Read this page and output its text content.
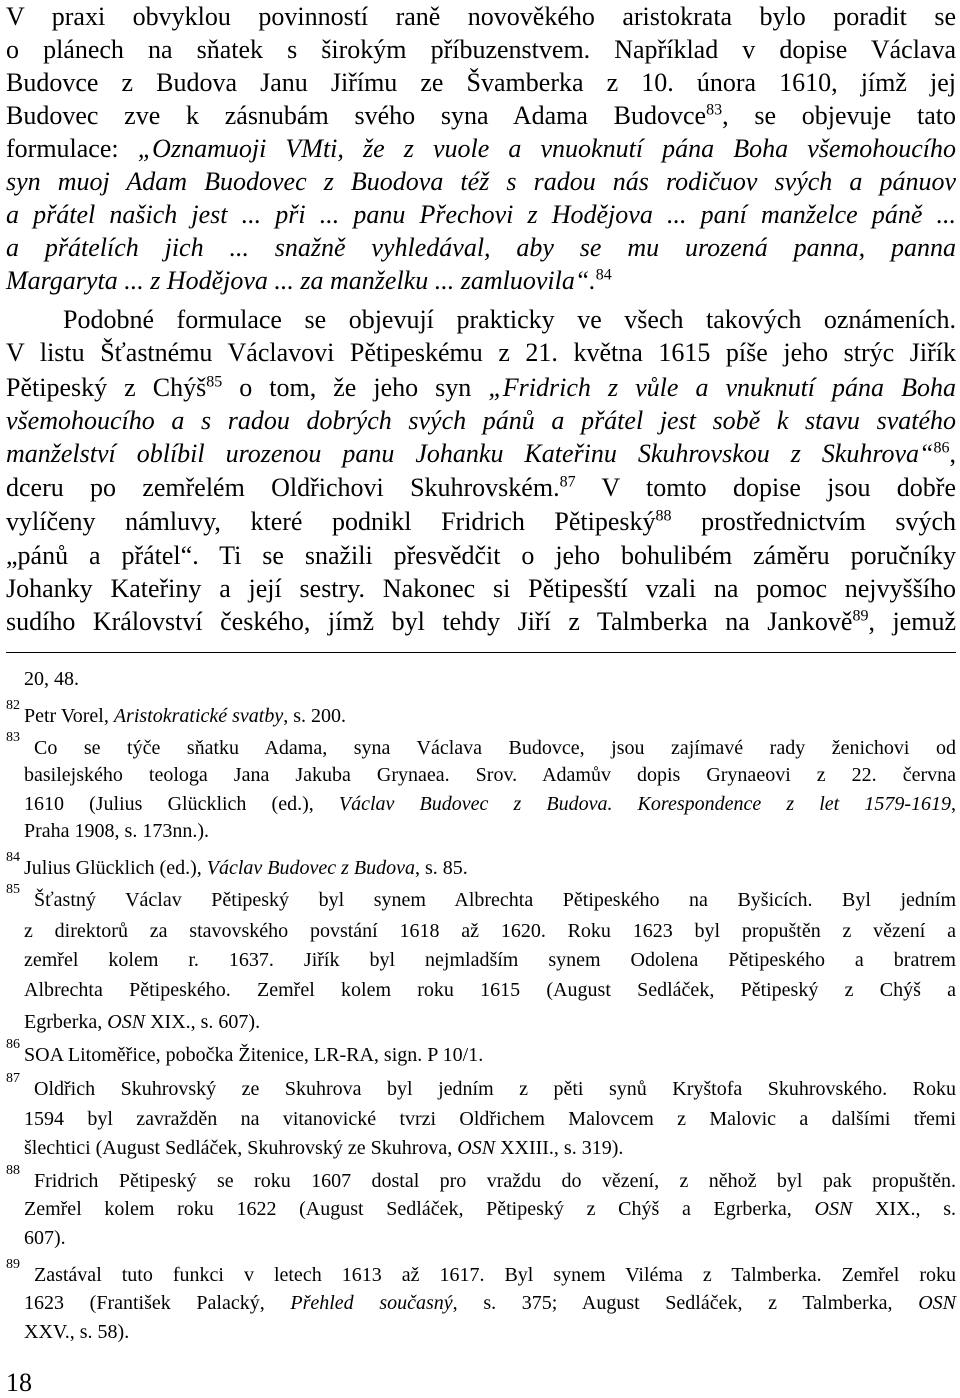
V praxi obvyklou povinností raně novověkého aristokrata bylo poradit se
o plánech na sňatek s širokým příbuzenstvem. Například v dopise Václava
Budovce z Budova Janu Jiřímu ze Švamberka z 10. února 1610, jímž jej
Budovec zve k zásnubám svého syna Adama Budovce$^{83}$, se objevuje tato
formulace: „Oznamuoji VMti, že z vuole a vnuoknutí pána Boha všemohoucího
syn muoj Adam Buodovec z Buodova též s radou nás rodičuov svých a pánuov
a přátel našich jest ... při ... panu Přechovi z Hodějova ... paní manželce páně ...
a přátelích jich ... snažně vyhledával, aby se mu urozená panna, panna
Margaryta ... z Hodějova ... za manželku ... zamluovila“.$^{84}$
Podobné formulace se objevují prakticky ve všech takových oznámeních.
V listu Šťastnému Václavovi Pětipeskému z 21. května 1615 píše jeho strýc Jiřík
Pětipeský z Chýš$^{85}$ o tom, že jeho syn „Fridrich z vůle a vnuknutí pána Boha
všemohoucího a s radou dobrých svých pánů a přátel jest sobě k stavu svatého
manželství oblíbil urozenou panu Johanku Kateřinu Skuhrovskou z Skuhrova“$^{86}$,
dceru po zemřelém Oldřichovi Skuhrovském.$^{87}$ V tomto dopise jsou dobře
vylíčeny námluvy, které podnikl Fridrich Pětipeský$^{88}$ prostřednictvím svých
„pánů a přátel“. Ti se snažili přesvědčit o jeho bohulibém záměru poručníky
Johanky Kateřiny a její sestry. Nakonec si Pětipesští vzali na pomoc nejvyššího
sudího Království českého, jímž byl tehdy Jiří z Talmberka na Jankově$^{89}$, jemuž
20, 48.
82 Petr Vorel, Aristokratické svatby, s. 200.
83 Co se týče sňatku Adama, syna Václava Budovce, jsou zajímavé rady ženichovi od
basilejského teologa Jana Jakuba Grynaea. Srov. Adamův dopis Grynaeovi z 22. června
1610 (Julius Glücklich (ed.), Václav Budovec z Budova. Korespondence z let 1579-1619,
Praha 1908, s. 173nn.).
84 Julius Glücklich (ed.), Václav Budovec z Budova, s. 85.
85 Šťastný Václav Pětipeský byl synem Albrechta Pětipeského na Byšicích. Byl jedním
z direktorů za stavovského povstání 1618 až 1620. Roku 1623 byl propuštěn z vězení a
zemřel kolem r. 1637. Jiřík byl nejmladším synem Odolena Pětipeského a bratrem
Albrechta Pětipeského. Zemřel kolem roku 1615 (August Sedláček, Pětipeský z Chýš a
Egrberka, OSN XIX., s. 607).
86 SOA Litoměřice, pobočka Žitenice, LR-RA, sign. P 10/1.
87 Oldřich Skuhrovský ze Skuhrova byl jedním z pěti synů Kryštofa Skuhrovského. Roku
1594 byl zavražděn na vitanovické tvrzi Oldřichem Malovcem z Malovic a dalšími třemi
šlechtici (August Sedláček, Skuhrovský ze Skuhrova, OSN XXIII., s. 319).
88 Fridrich Pětipeský se roku 1607 dostal pro vraždu do vězení, z něhož byl pak propuštěn.
Zemřel kolem roku 1622 (August Sedláček, Pětipeský z Chýš a Egrberka, OSN XIX., s.
607).
89 Zastával tuto funkci v letech 1613 až 1617. Byl synem Viléma z Talmberka. Zemřel roku
1623 (František Palacký, Přehled současný, s. 375; August Sedláček, z Talmberka, OSN
XXV., s. 58).
18
